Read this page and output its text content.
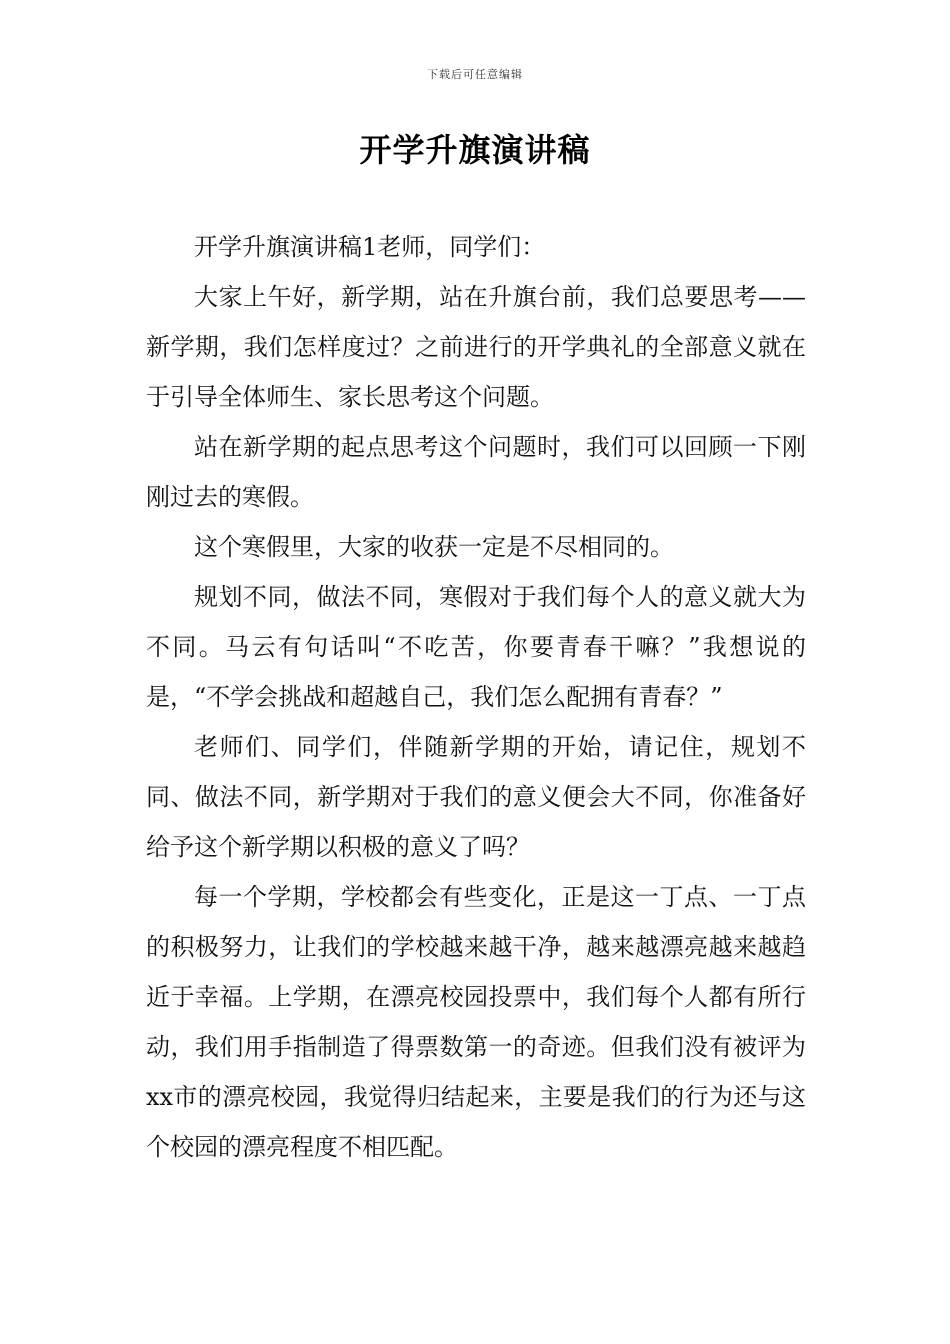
下载后可任意编辑
开学升旗演讲稿

开学升旗演讲稿1老师，同学们：

大家上午好，新学期，站在升旗台前，我们总要思考——新学期，我们怎样度过？之前进行的开学典礼的全部意义就在于引导全体师生、家长思考这个问题。

站在新学期的起点思考这个问题时，我们可以回顾一下刚刚过去的寒假。

这个寒假里，大家的收获一定是不尽相同的。

规划不同，做法不同，寒假对于我们每个人的意义就大为不同。马云有句话叫“不吃苦，你要青春干嘛？”我想说的是，“不学会挑战和超越自己，我们怎么配拥有青春？”

老师们、同学们，伴随新学期的开始，请记住，规划不同、做法不同，新学期对于我们的意义便会大不同，你准备好给予这个新学期以积极的意义了吗？

每一个学期，学校都会有些变化，正是这一丁点、一丁点的积极努力，让我们的学校越来越干净，越来越漂亮越来越趋近于幸福。上学期，在漂亮校园投票中，我们每个人都有所行动，我们用手指制造了得票数第一的奇迹。但我们没有被评为xx市的漂亮校园，我觉得归结起来，主要是我们的行为还与这个校园的漂亮程度不相匹配。
